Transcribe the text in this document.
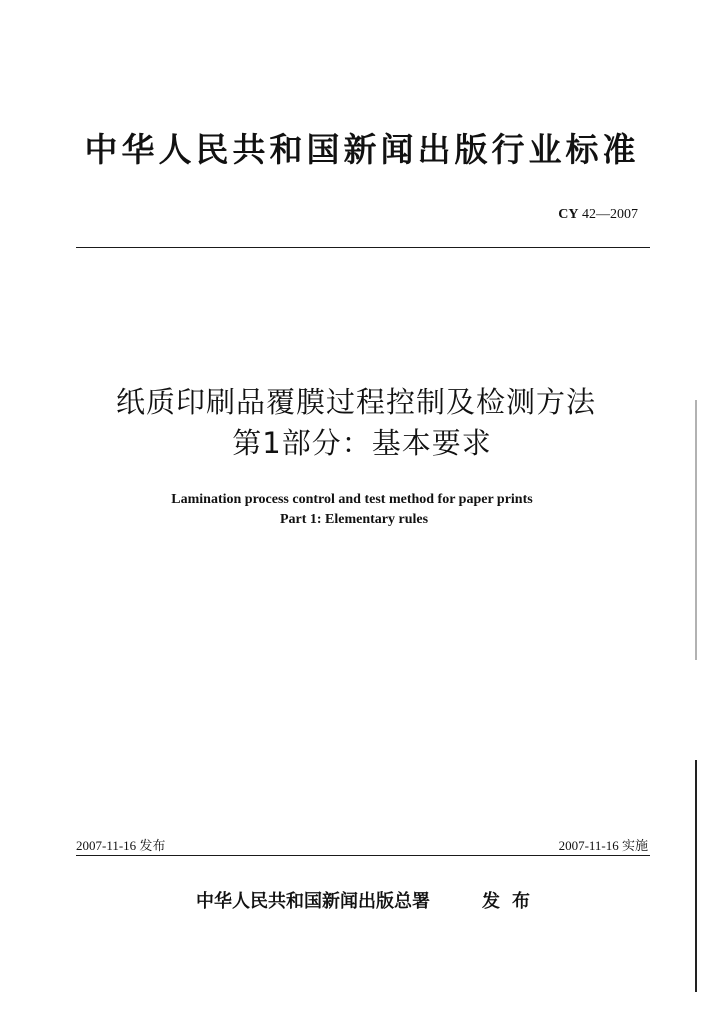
中华人民共和国新闻出版行业标准
CY 42—2007
纸质印刷品覆膜过程控制及检测方法
第1部分：基本要求
Lamination process control and test method for paper prints
Part 1: Elementary rules
2007-11-16 发布	2007-11-16 实施
中华人民共和国新闻出版总署	发布
